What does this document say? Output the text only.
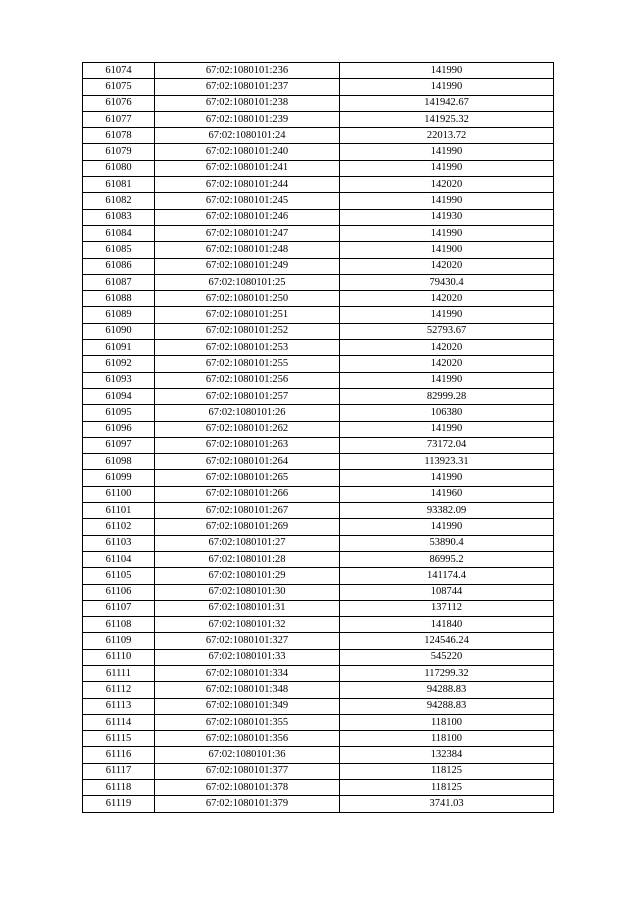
61074	67:02:1080101:236	141990
61075	67:02:1080101:237	141990
61076	67:02:1080101:238	141942.67
61077	67:02:1080101:239	141925.32
61078	67:02:1080101:24	22013.72
61079	67:02:1080101:240	141990
61080	67:02:1080101:241	141990
61081	67:02:1080101:244	142020
61082	67:02:1080101:245	141990
61083	67:02:1080101:246	141930
61084	67:02:1080101:247	141990
61085	67:02:1080101:248	141900
61086	67:02:1080101:249	142020
61087	67:02:1080101:25	79430.4
61088	67:02:1080101:250	142020
61089	67:02:1080101:251	141990
61090	67:02:1080101:252	52793.67
61091	67:02:1080101:253	142020
61092	67:02:1080101:255	142020
61093	67:02:1080101:256	141990
61094	67:02:1080101:257	82999.28
61095	67:02:1080101:26	106380
61096	67:02:1080101:262	141990
61097	67:02:1080101:263	73172.04
61098	67:02:1080101:264	113923.31
61099	67:02:1080101:265	141990
61100	67:02:1080101:266	141960
61101	67:02:1080101:267	93382.09
61102	67:02:1080101:269	141990
61103	67:02:1080101:27	53890.4
61104	67:02:1080101:28	86995.2
61105	67:02:1080101:29	141174.4
61106	67:02:1080101:30	108744
61107	67:02:1080101:31	137112
61108	67:02:1080101:32	141840
61109	67:02:1080101:327	124546.24
61110	67:02:1080101:33	545220
61111	67:02:1080101:334	117299.32
61112	67:02:1080101:348	94288.83
61113	67:02:1080101:349	94288.83
61114	67:02:1080101:355	118100
61115	67:02:1080101:356	118100
61116	67:02:1080101:36	132384
61117	67:02:1080101:377	118125
61118	67:02:1080101:378	118125
61119	67:02:1080101:379	3741.03
